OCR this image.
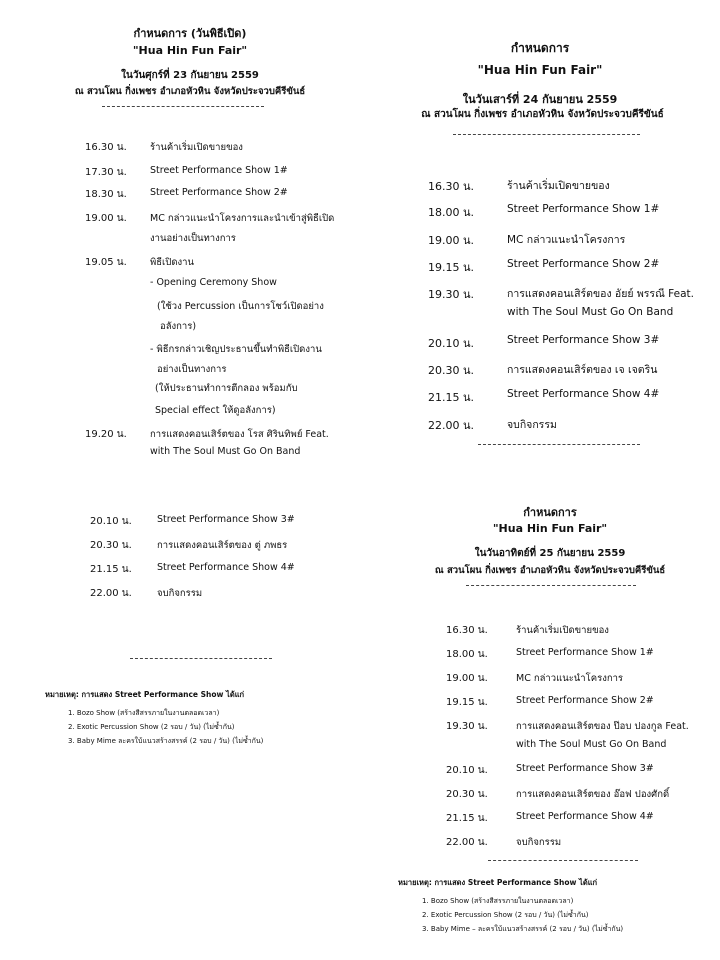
กำหนดการ (วันพิธีเปิด)
"Hua Hin Fun Fair"
ในวันศุกร์ที่ 23 กันยายน 2559
ณ สวนโผน กิ่งเพชร อำเภอหัวหิน จังหวัดประจวบคีรีขันธ์
16.30 น. ร้านค้าเริ่มเปิดขายของ
17.30 น. Street Performance Show 1#
18.30 น. Street Performance Show 2#
19.00 น. MC กล่าวแนะนำโครงการและนำเข้าสู่พิธีเปิด
งานอย่างเป็นทางการ
19.05 น. พิธีเปิดงาน
- Opening Ceremony Show
(ใช้วง Percussion เป็นการโชว์เปิดอย่าง
อลังการ)
- พิธีกรกล่าวเชิญประธานขึ้นทำพิธีเปิดงาน
อย่างเป็นทางการ
(ให้ประธานทำการตีกลอง พร้อมกับ
Special effect ให้ดูอลังการ)
19.20 น. การแสดงคอนเสิร์ตของ โรส ศิรินทิพย์ Feat.
with The Soul Must Go On Band
20.10 น.	Street Performance Show 3#
20.30 น.	การแสดงคอนเสิร์ตของ ตู่ ภพธร
21.15 น.	Street Performance Show 4#
22.00 น.	จบกิจกรรม
หมายเหตุ: การแสดง Street Performance Show ได้แก่
1. Bozo Show (สร้างสีสรรภายในงานตลอดเวลา)
2. Exotic Percussion Show (2 รอบ / วัน) (ไม่ซ้ำกัน)
3. Baby Mime ละครใบ้แนวสร้างสรรค์ (2 รอบ / วัน) (ไม่ซ้ำกัน)
กำหนดการ
"Hua Hin Fun Fair"
ในวันเสาร์ที่ 24 กันยายน 2559
ณ สวนโผน กิ่งเพชร อำเภอหัวหิน จังหวัดประจวบคีรีขันธ์
16.30 น.	ร้านค้าเริ่มเปิดขายของ
18.00 น.	Street Performance Show 1#
19.00 น.	MC กล่าวแนะนำโครงการ
19.15 น.	Street Performance Show 2#
19.30 น.	การแสดงคอนเสิร์ตของ อัยย์ พรรณี Feat.
with The Soul Must Go On Band
20.10 น.	Street Performance Show 3#
20.30 น.	การแสดงคอนเสิร์ตของ เจ เจตริน
21.15 น.	Street Performance Show 4#
22.00 น.	จบกิจกรรม
กำหนดการ
"Hua Hin Fun Fair"
ในวันอาทิตย์ที่ 25 กันยายน 2559
ณ สวนโผน กิ่งเพชร อำเภอหัวหิน จังหวัดประจวบคีรีขันธ์
16.30 น.	ร้านค้าเริ่มเปิดขายของ
18.00 น.	Street Performance Show 1#
19.00 น.	MC กล่าวแนะนำโครงการ
19.15 น.	Street Performance Show 2#
19.30 น.	การแสดงคอนเสิร์ตของ ป๊อบ ปองกูล Feat.
with The Soul Must Go On Band
20.10 น.	Street Performance Show 3#
20.30 น.	การแสดงคอนเสิร์ตของ อ๊อฟ ปองศักดิ์
21.15 น.	Street Performance Show 4#
22.00 น.	จบกิจกรรม
หมายเหตุ: การแสดง Street Performance Show ได้แก่
1. Bozo Show (สร้างสีสรรภายในงานตลอดเวลา)
2. Exotic Percussion Show (2 รอบ / วัน) (ไม่ซ้ำกัน)
3. Baby Mime – ละครใบ้แนวสร้างสรรค์ (2 รอบ / วัน) (ไม่ซ้ำกัน)
